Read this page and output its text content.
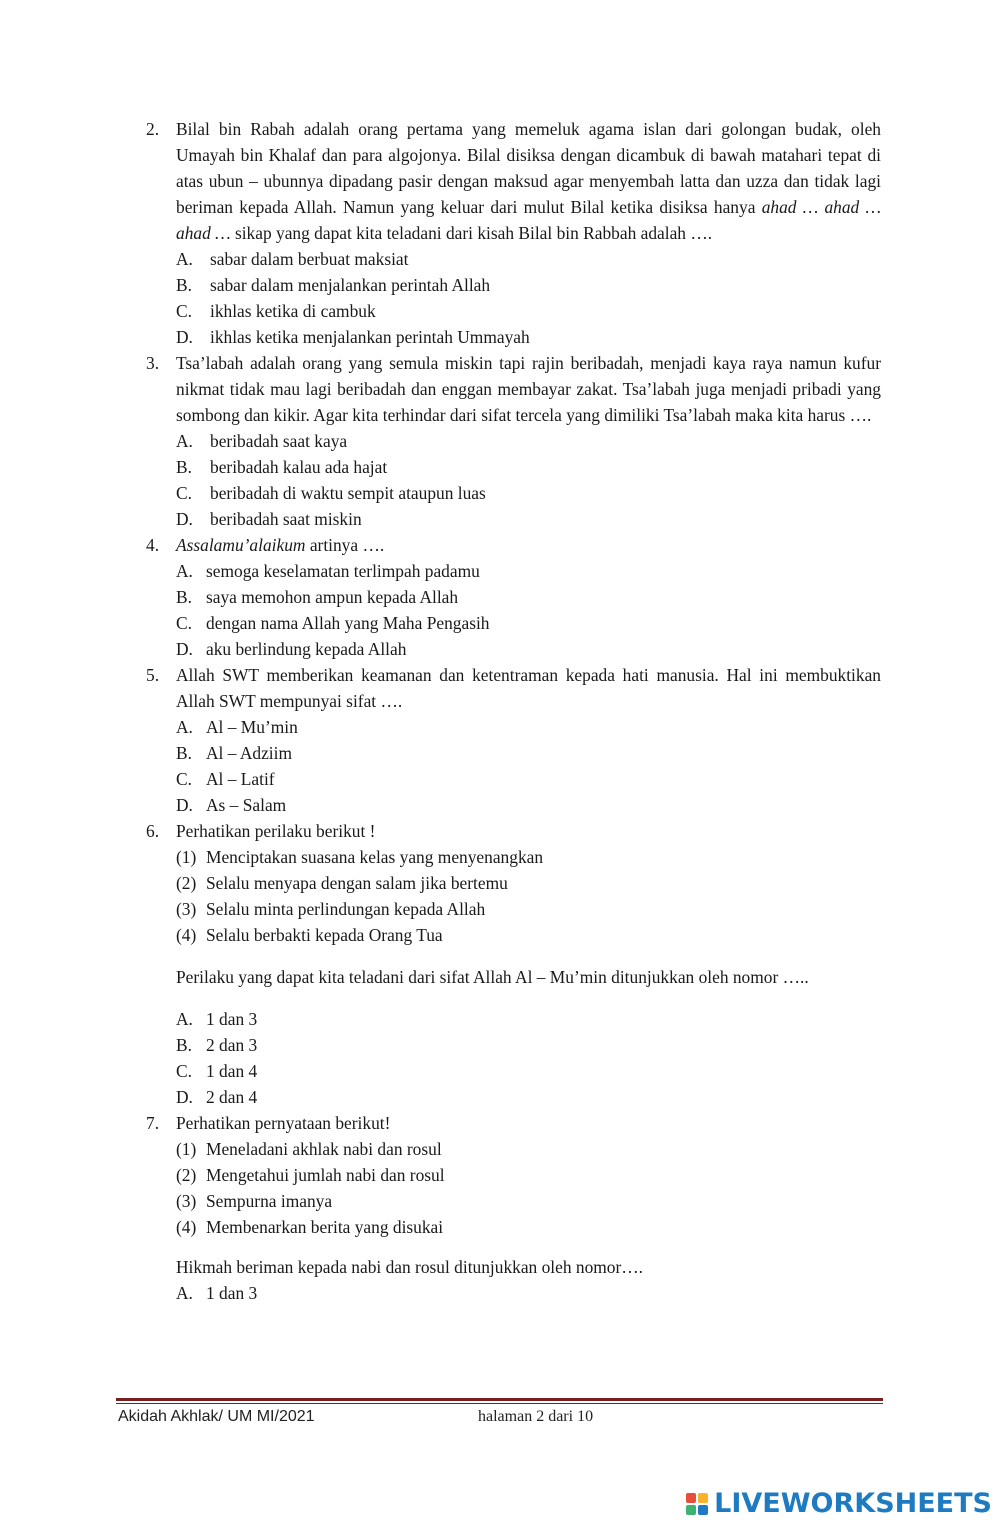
2. Bilal bin Rabah adalah orang pertama yang memeluk agama islan dari golongan budak, oleh Umayah bin Khalaf dan para algojonya. Bilal disiksa dengan dicambuk di bawah matahari tepat di atas ubun – ubunnya dipadang pasir dengan maksud agar menyembah latta dan uzza dan tidak lagi beriman kepada Allah. Namun yang keluar dari mulut Bilal ketika disiksa hanya ahad … ahad … ahad … sikap yang dapat kita teladani dari kisah Bilal bin Rabbah adalah ….
A. sabar dalam berbuat maksiat
B.	sabar dalam menjalankan perintah Allah
C.	ikhlas ketika di cambuk
D. ikhlas ketika menjalankan perintah Ummayah
3. Tsa’labah adalah orang yang semula miskin tapi rajin beribadah, menjadi kaya raya namun kufur nikmat tidak mau lagi beribadah dan enggan membayar zakat. Tsa’labah juga menjadi pribadi yang sombong dan kikir. Agar kita terhindar dari sifat tercela yang dimiliki Tsa’labah maka kita harus ….
A. beribadah saat kaya
B.	beribadah kalau ada hajat
C.	beribadah di waktu sempit ataupun luas
D. beribadah saat miskin
4. Assalamu’alaikum artinya ….
A. semoga keselamatan terlimpah padamu
B. saya memohon ampun kepada Allah
C. dengan nama Allah yang Maha Pengasih
D. aku berlindung kepada Allah
5. Allah SWT memberikan keamanan dan ketentraman kepada hati manusia. Hal ini membuktikan Allah SWT mempunyai sifat ….
A. Al – Mu’min
B. Al – Adziim
C. Al – Latif
D. As – Salam
6. Perhatikan perilaku berikut !
(1) Menciptakan suasana kelas yang menyenangkan
(2) Selalu menyapa dengan salam jika bertemu
(3) Selalu minta perlindungan kepada Allah
(4) Selalu berbakti kepada Orang Tua
Perilaku yang dapat kita teladani dari sifat Allah Al – Mu’min ditunjukkan oleh nomor …..
A. 1 dan 3
B. 2 dan 3
C. 1 dan 4
D. 2 dan 4
7. Perhatikan pernyataan berikut!
(1) Meneladani akhlak nabi dan rosul
(2) Mengetahui jumlah nabi dan rosul
(3) Sempurna imanya
(4) Membenarkan berita yang disukai
Hikmah beriman kepada nabi dan rosul ditunjukkan oleh nomor….
A. 1 dan 3
Akidah Akhlak/ UM MI/2021	halaman 2 dari 10
LIVEWORKSHEETS
